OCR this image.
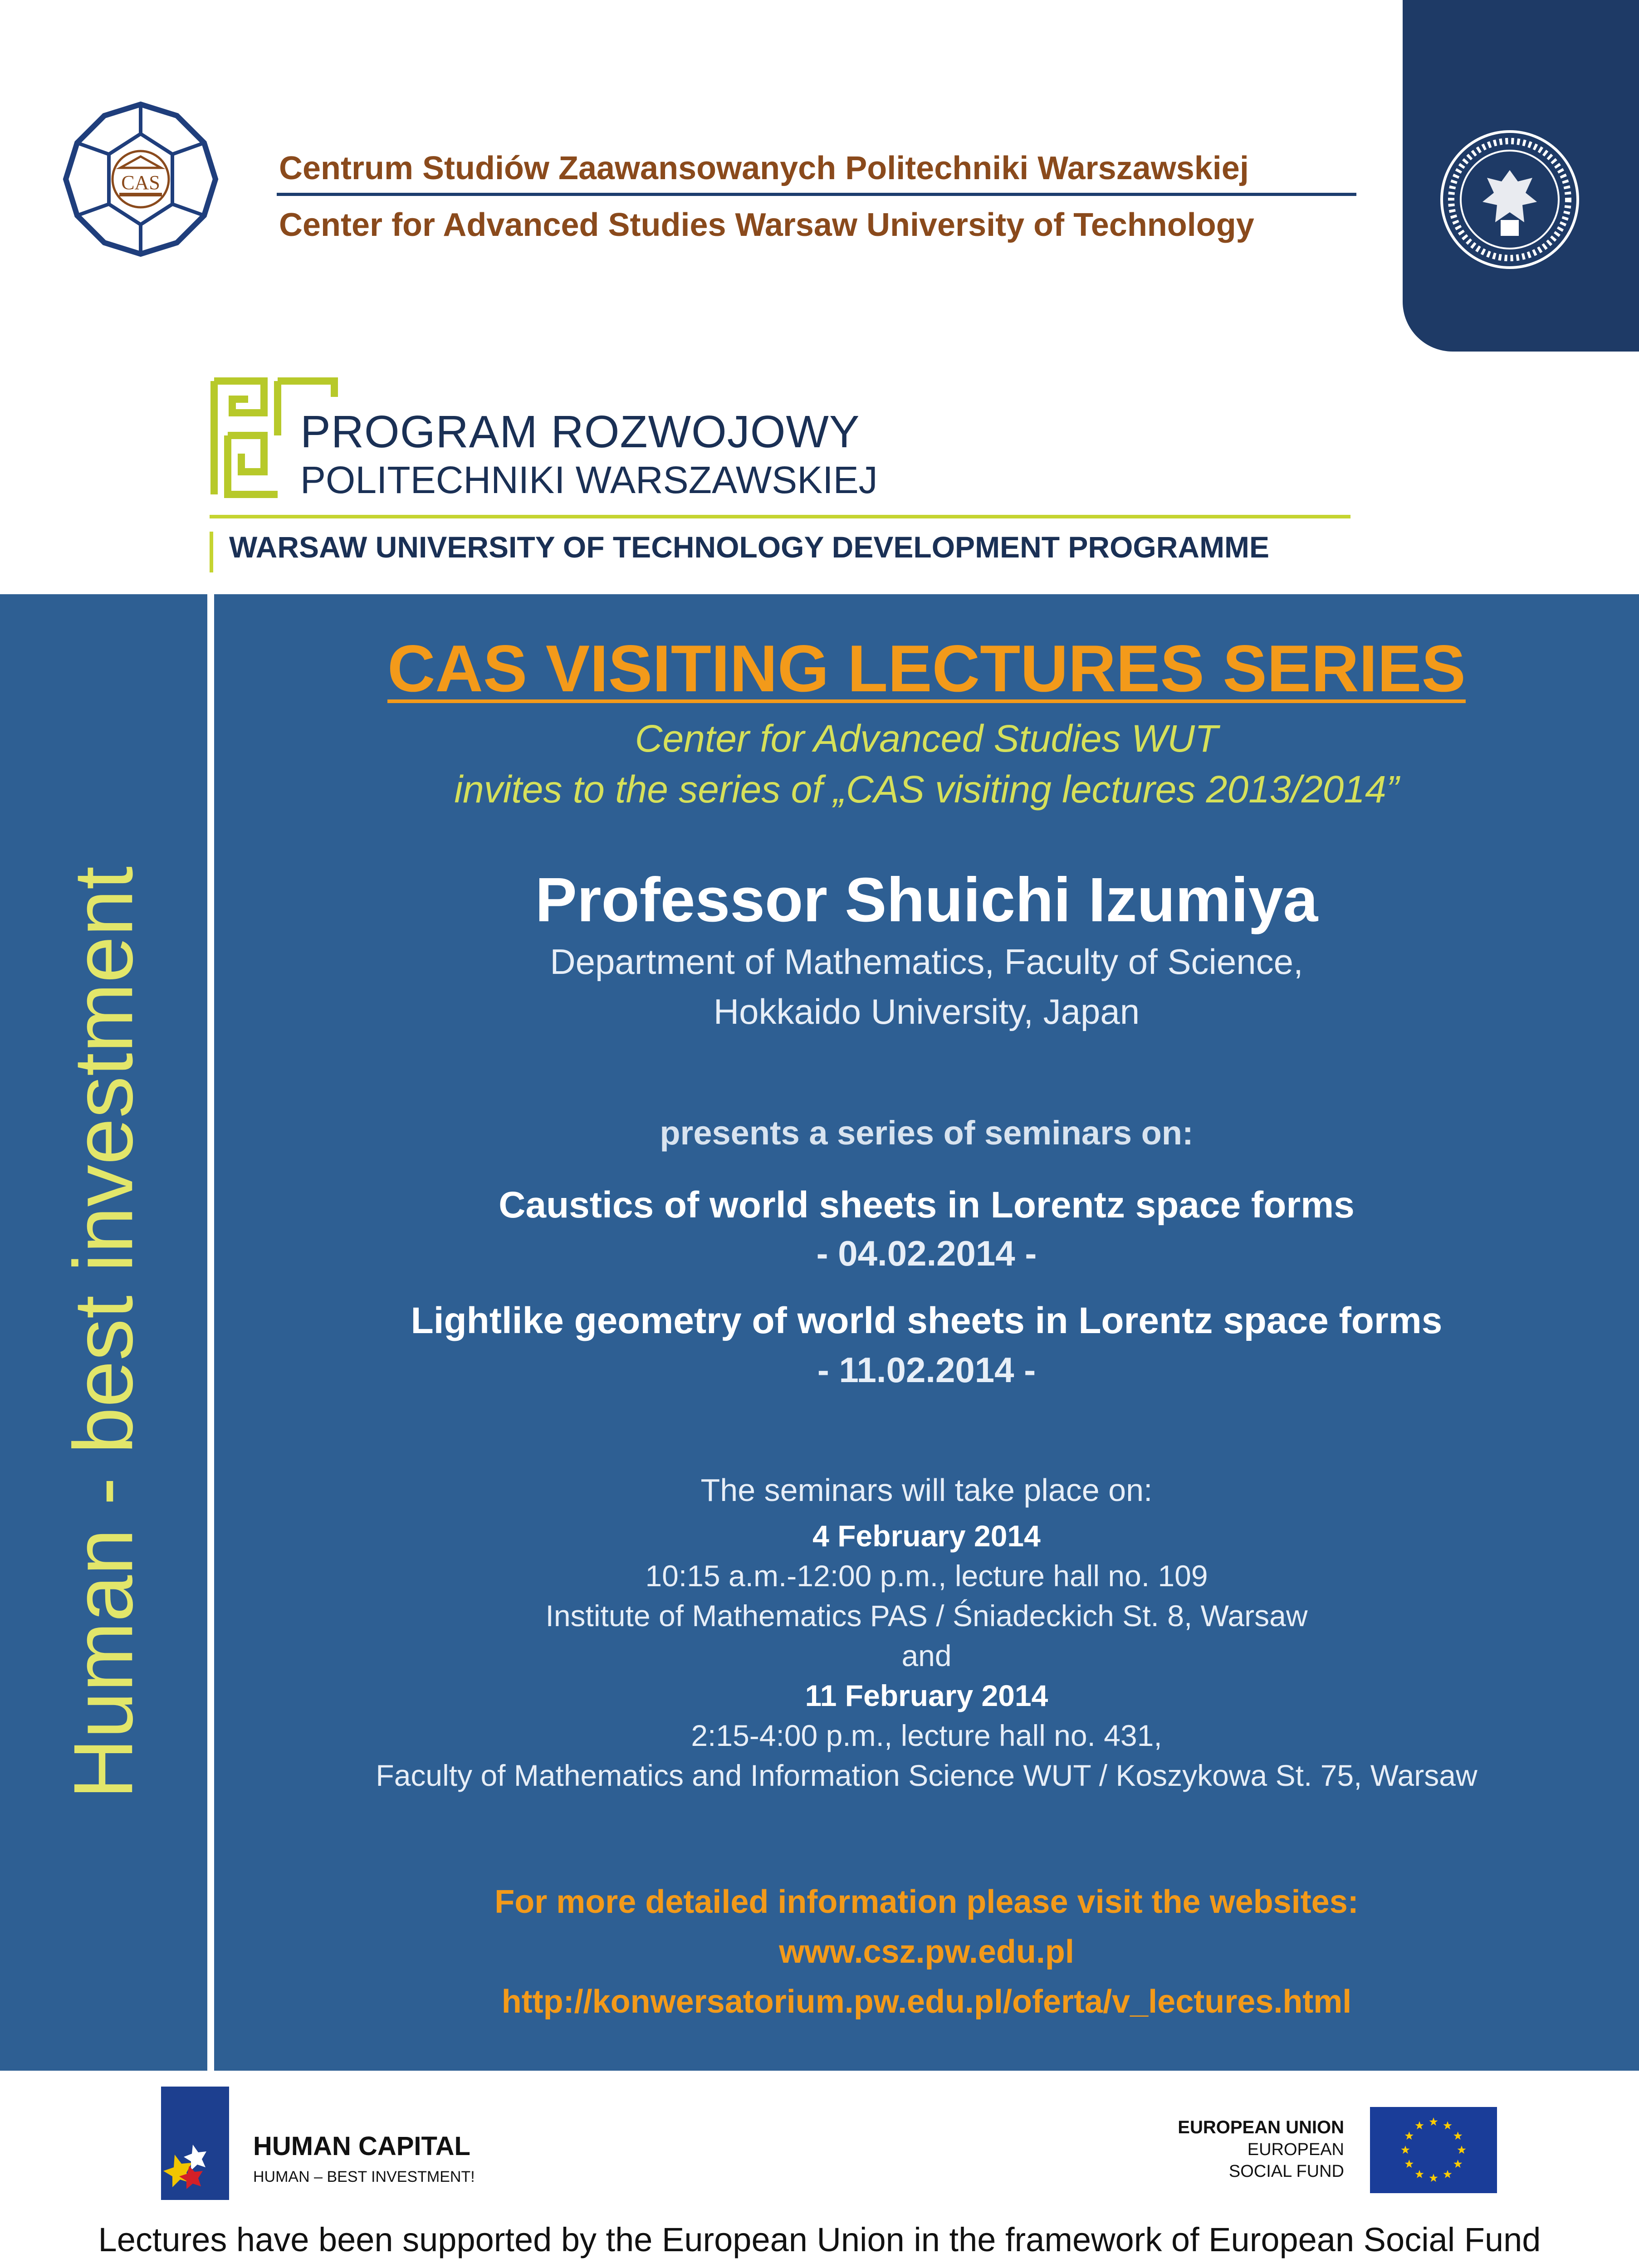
CAS	Centrum Studiów Zaawansowanych Politechniki Warszawskiej
Center for Advanced Studies Warsaw University of Technology
PROGRAM ROZWOJOWY
POLITECHNIKI WARSZAWSKIEJ
WARSAW UNIVERSITY OF TECHNOLOGY DEVELOPMENT PROGRAMME
Human - best investment
CAS VISITING LECTURES SERIES
Center for Advanced Studies WUT
invites to the series of „CAS visiting lectures 2013/2014”
Professor Shuichi Izumiya
Department of Mathematics, Faculty of Science,
Hokkaido University, Japan
presents a series of seminars on:
Caustics of world sheets in Lorentz space forms
- 04.02.2014 -
Lightlike geometry of world sheets in Lorentz space forms
- 11.02.2014 -
The seminars will take place on:
4 February 2014
10:15 a.m.-12:00 p.m., lecture hall no. 109
Institute of Mathematics PAS / Śniadeckich St. 8, Warsaw
and
11 February 2014
2:15-4:00 p.m., lecture hall no. 431,
Faculty of Mathematics and Information Science WUT / Koszykowa St. 75, Warsaw
For more detailed information please visit the websites:
www.csz.pw.edu.pl
http://konwersatorium.pw.edu.pl/oferta/v_lectures.html
HUMAN CAPITAL
HUMAN – BEST INVESTMENT!
EUROPEAN UNION
EUROPEAN
SOCIAL FUND
Lectures have been supported by the European Union in the framework of European Social Fund
